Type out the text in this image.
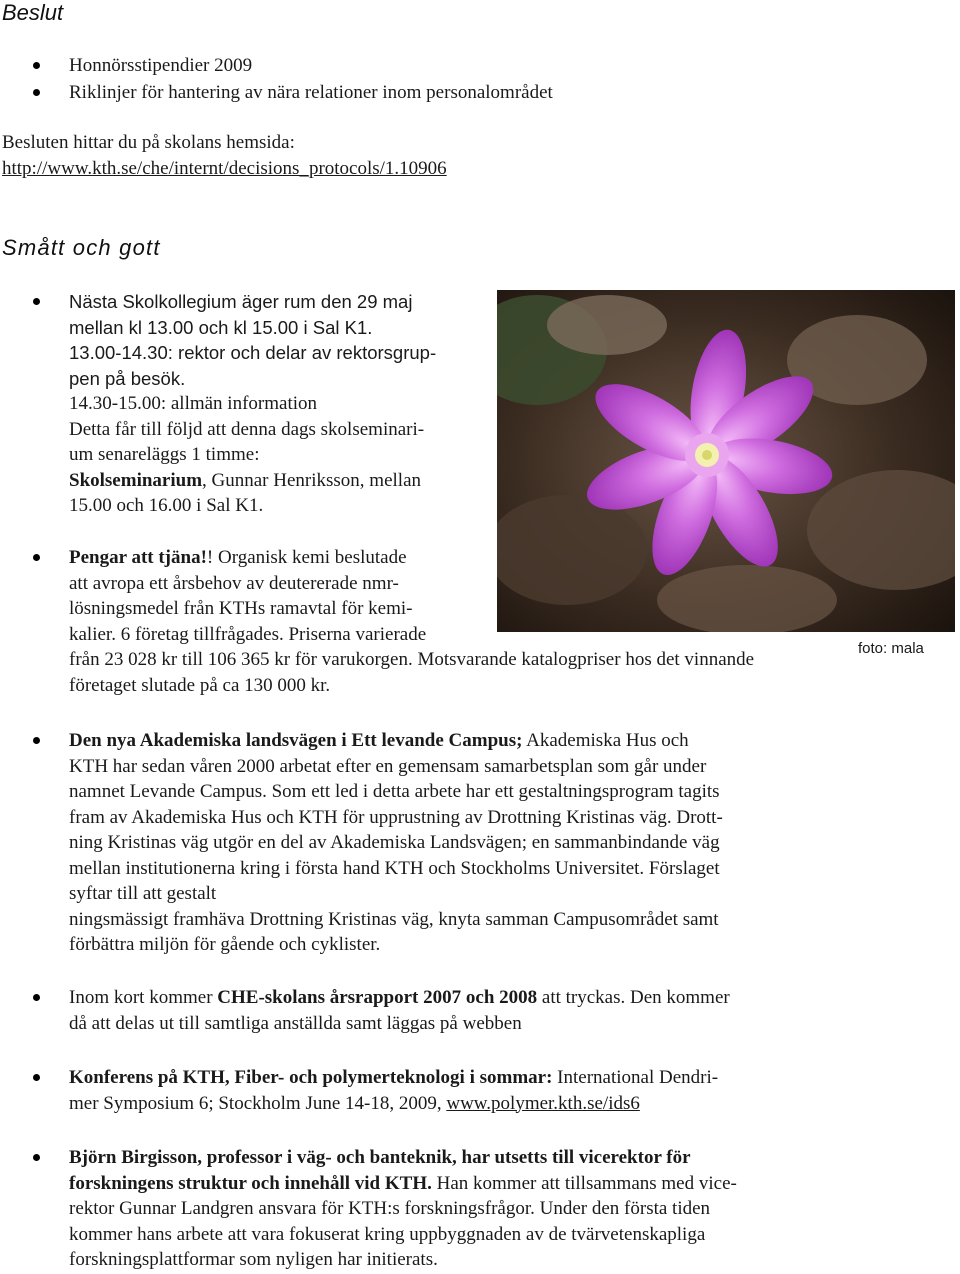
Beslut
Honnörsstipendier 2009
Riklinjer för hantering av nära relationer inom personalområdet

Besluten hittar du på skolans hemsida:
http://www.kth.se/che/internt/decisions_protocols/1.10906

Smått och gott
Nästa Skolkollegium äger rum den 29 maj
mellan kl 13.00 och kl 15.00 i Sal K1.
13.00-14.30: rektor och delar av rektorsgrup-
pen på besök.
14.30-15.00: allmän information
Detta får till följd att denna dags skolseminari-
um senareläggs 1 timme:
Skolseminarium, Gunnar Henriksson, mellan
15.00 och 16.00 i Sal K1.
foto: mala
Pengar att tjäna!! Organisk kemi beslutade
att avropa ett årsbehov av deutererade nmr-
lösningsmedel från KTHs ramavtal för kemi-
kalier. 6 företag tillfrågades. Priserna varierade
från 23 028 kr till 106 365 kr för varukorgen. Motsvarande katalogpriser hos det vinnande
företaget slutade på ca 130 000 kr.
Den nya Akademiska landsvägen i Ett levande Campus; Akademiska Hus och
KTH har sedan våren 2000 arbetat efter en gemensam samarbetsplan som går under
namnet Levande Campus. Som ett led i detta arbete har ett gestaltningsprogram tagits
fram av Akademiska Hus och KTH för upprustning av Drottning Kristinas väg. Drott-
ning Kristinas väg utgör en del av Akademiska Landsvägen; en sammanbindande väg
mellan institutionerna kring i första hand KTH och Stockholms Universitet. Förslaget
syftar till att gestalt
ningsmässigt framhäva Drottning Kristinas väg, knyta samman Campusområdet samt
förbättra miljön för gående och cyklister.
Inom kort kommer CHE-skolans årsrapport 2007 och 2008 att tryckas. Den kommer
då att delas ut till samtliga anställda samt läggas på webben
Konferens på KTH, Fiber- och polymerteknologi i sommar: International Dendri-
mer Symposium 6; Stockholm June 14-18, 2009, www.polymer.kth.se/ids6
Björn Birgisson, professor i väg- och banteknik, har utsetts till vicerektor för
forskningens struktur och innehåll vid KTH. Han kommer att tillsammans med vice-
rektor Gunnar Landgren ansvara för KTH:s forskningsfrågor. Under den första tiden
kommer hans arbete att vara fokuserat kring uppbyggnaden av de tvärvetenskapliga
forskningsplattformar som nyligen har initierats.
